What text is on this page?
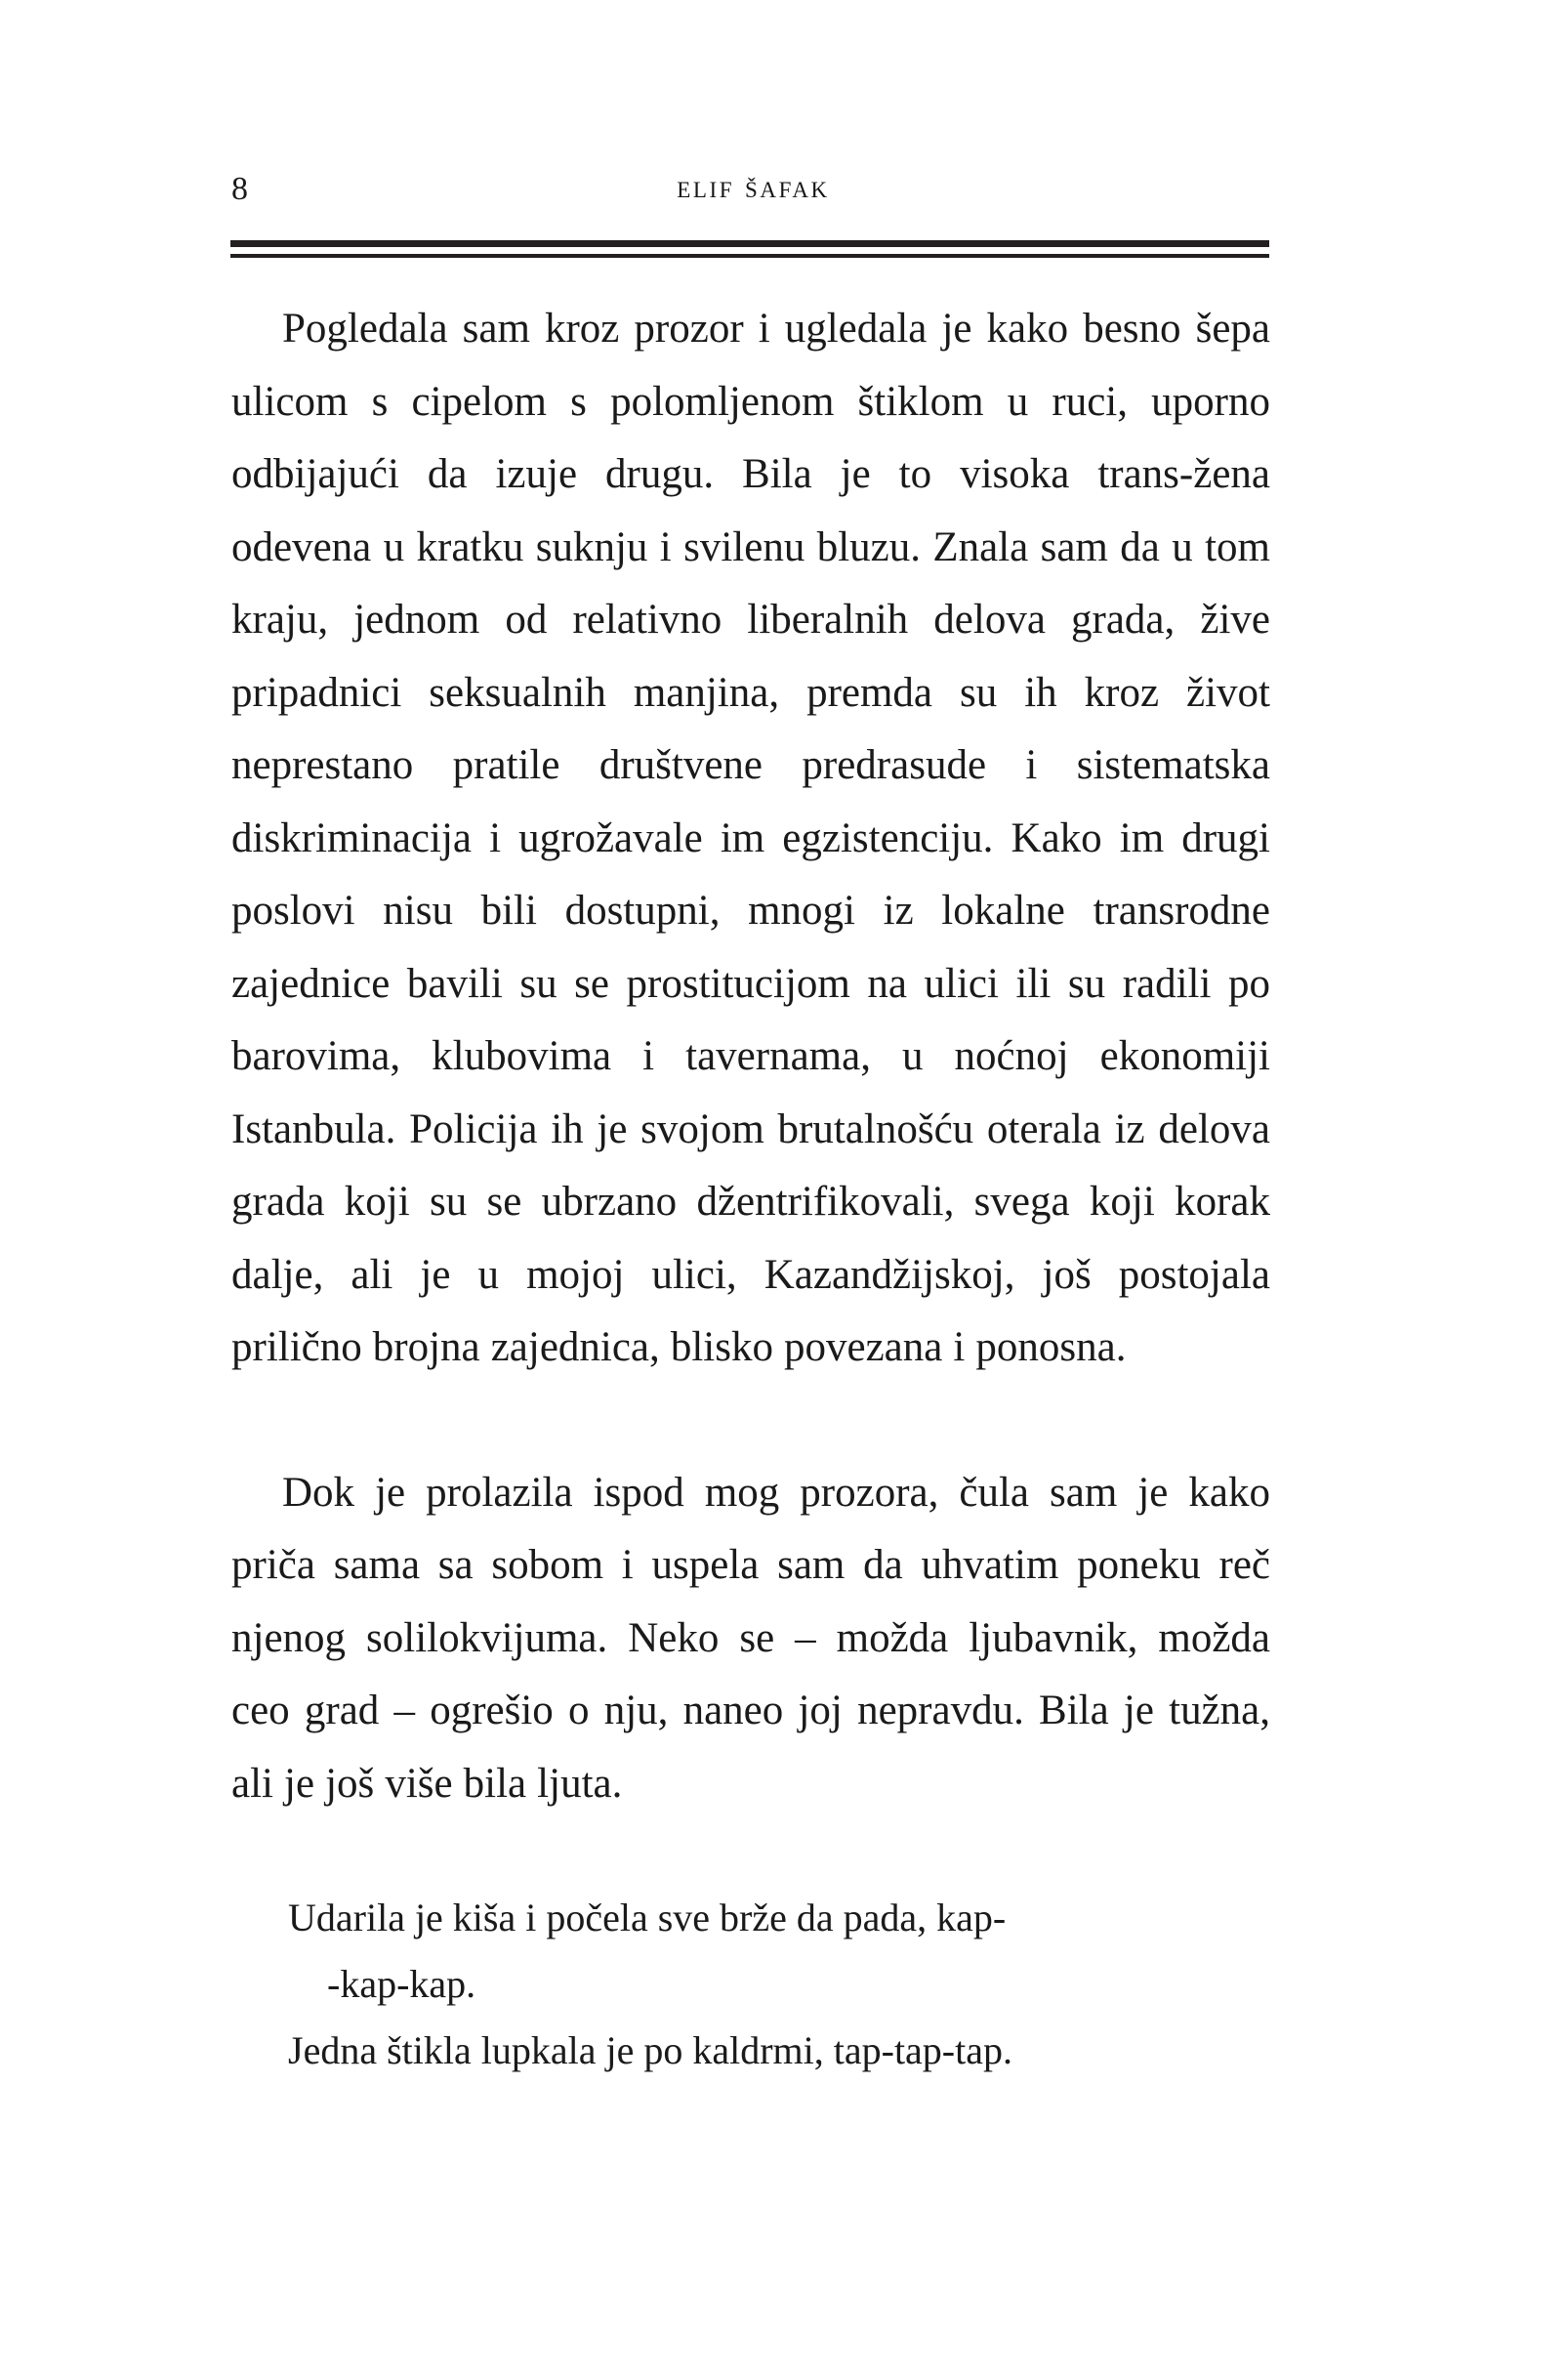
8	elif šafak

Pogledala sam kroz prozor i ugledala je kako besno šepa ulicom s cipelom s polomljenom štiklom u ruci, uporno odbijajući da izuje drugu. Bila je to visoka trans-žena odevena u kratku suknju i svilenu bluzu. Znala sam da u tom kraju, jednom od relativno liberalnih delova grada, žive pripadnici seksualnih manjina, premda su ih kroz život neprestano pratile društvene predrasude i sistematska diskriminacija i ugrožavale im egzistenciju. Kako im drugi poslovi nisu bili dostupni, mnogi iz lokalne transrodne zajednice bavili su se prostitucijom na ulici ili su radili po barovima, klubovima i tavernama, u noćnoj ekonomiji Istanbula. Policija ih je svojom brutalnošću oterala iz delova grada koji su se ubrzano džentrifikovali, svega koji korak dalje, ali je u mojoj ulici, Kazandžijskoj, još postojala prilično brojna zajednica, blisko povezana i ponosna.

Dok je prolazila ispod mog prozora, čula sam je kako priča sama sa sobom i uspela sam da uhvatim poneku reč njenog solilokvijuma. Neko se – možda ljubavnik, možda ceo grad – ogrešio o nju, naneo joj nepravdu. Bila je tužna, ali je još više bila ljuta.

Udarila je kiša i počela sve brže da pada, kap-
-kap-kap.
Jedna štikla lupkala je po kaldrmi, tap-tap-tap.
